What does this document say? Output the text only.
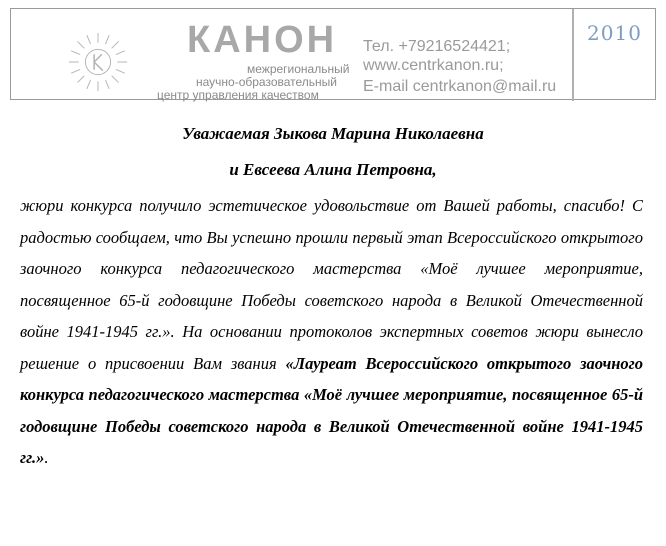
КАНОН
межрегиональный
научно-образовательный
центр управления качеством
Тел. +79216524421;
www.centrkanon.ru;
E-mail centrkanon@mail.ru
2010
Уважаемая Зыкова Марина Николаевна
и Евсеева Алина Петровна,

жюри конкурса получило эстетическое удовольствие от Вашей работы, спасибо! С радостью сообщаем, что Вы успешно прошли первый этап Всероссийского открытого заочного конкурса педагогического мастерства «Моё лучшее мероприятие, посвященное 65-й годовщине Победы советского народа в Великой Отечественной войне 1941-1945 гг.». На основании протоколов экспертных советов жюри вынесло решение о присвоении Вам звания «Лауреат Всероссийского открытого заочного конкурса педагогического мастерства «Моё лучшее мероприятие, посвященное 65-й годовщине Победы советского народа в Великой Отечественной войне 1941-1945 гг.».
